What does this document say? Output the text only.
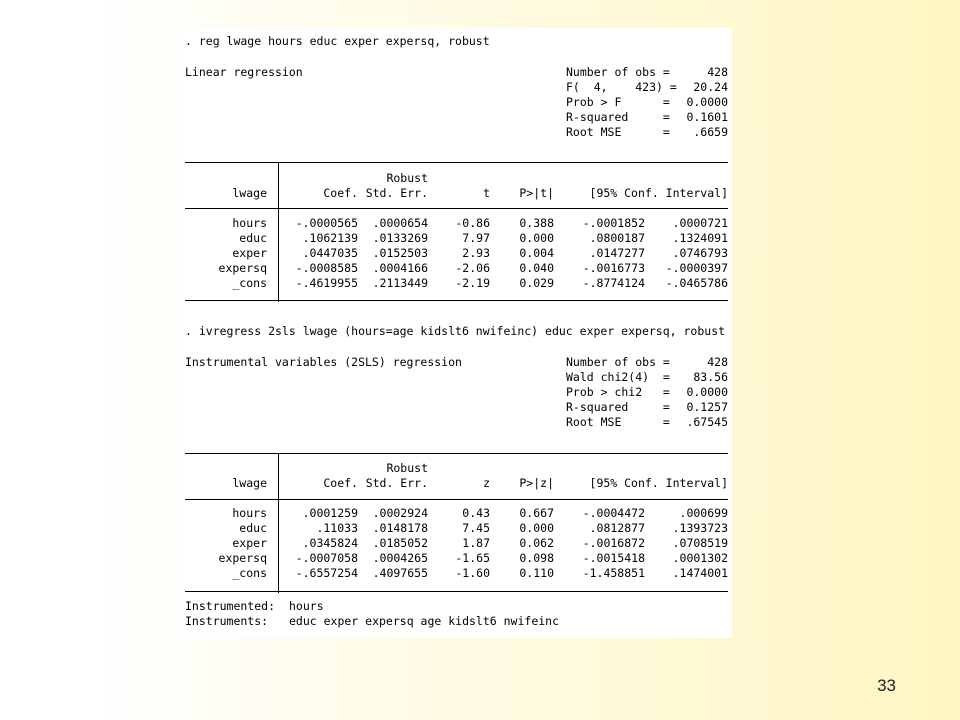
. reg lwage hours educ exper expersq, robust
Linear regression	Number of obs =	428
F(  4,    423) =	20.24
Prob > F      =	0.0000
R-squared     =	0.1601
Root MSE      =	.6659
Robust
lwage	Coef. Std. Err.	t	P>|t|	[95% Conf. Interval]
hours	-.0000565	.0000654	-0.86	0.388	-.0001852	.0000721
educ	.1062139	.0133269	7.97	0.000	.0800187	.1324091
exper	.0447035	.0152503	2.93	0.004	.0147277	.0746793
expersq	-.0008585	.0004166	-2.06	0.040	-.0016773	-.0000397
_cons	-.4619955	.2113449	-2.19	0.029	-.8774124	-.0465786
. ivregress 2sls lwage (hours=age kidslt6 nwifeinc) educ exper expersq, robust
Instrumental variables (2SLS) regression	Number of obs =	428
Wald chi2(4)  =	83.56
Prob > chi2   =	0.0000
R-squared     =	0.1257
Root MSE      =	.67545
Robust
lwage	Coef. Std. Err.	z	P>|z|	[95% Conf. Interval]
hours	.0001259	.0002924	0.43	0.667	-.0004472	.000699
educ	.11033	.0148178	7.45	0.000	.0812877	.1393723
exper	.0345824	.0185052	1.87	0.062	-.0016872	.0708519
expersq	-.0007058	.0004265	-1.65	0.098	-.0015418	.0001302
_cons	-.6557254	.4097655	-1.60	0.110	-1.458851	.1474001
Instrumented: hours
Instruments: educ exper expersq age kidslt6 nwifeinc
33
